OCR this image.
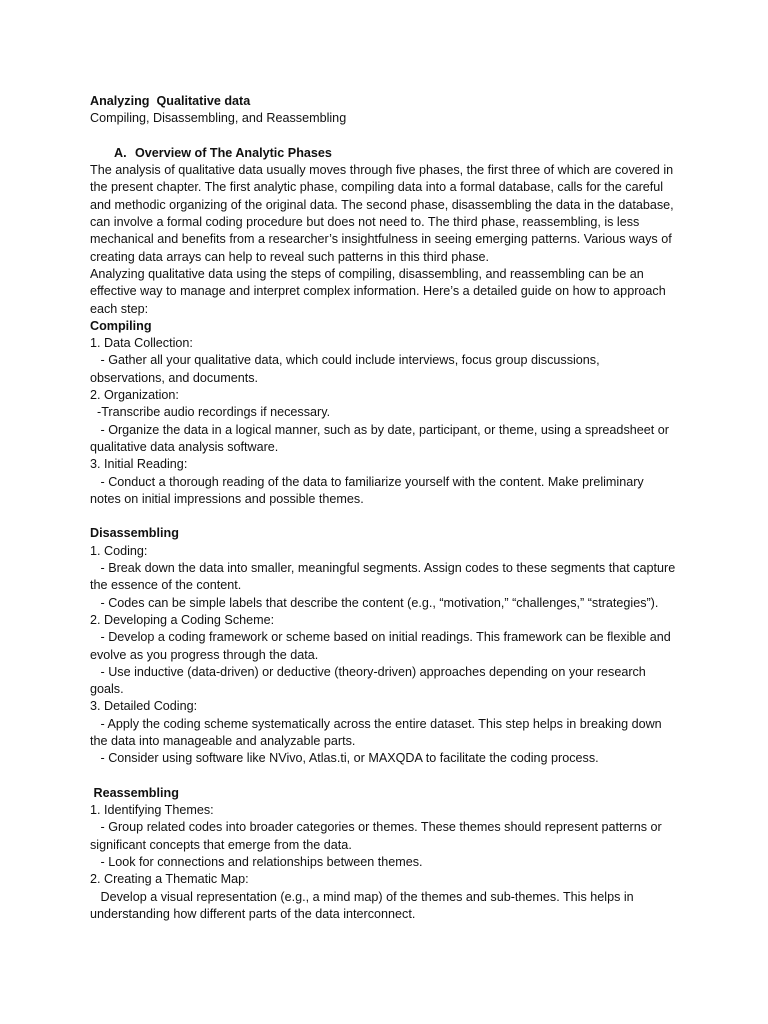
Analyzing  Qualitative data
Compiling, Disassembling, and Reassembling
A. Overview of The Analytic Phases
The analysis of qualitative data usually moves through five phases, the first three of which are covered in
the present chapter. The first analytic phase, compiling data into a formal database, calls for the careful
and methodic organizing of the original data. The second phase, disassembling the data in the database,
can involve a formal coding procedure but does not need to. The third phase, reassembling, is less
mechanical and benefits from a researcher’s insightfulness in seeing emerging patterns. Various ways of
creating data arrays can help to reveal such patterns in this third phase.
Analyzing qualitative data using the steps of compiling, disassembling, and reassembling can be an
effective way to manage and interpret complex information. Here’s a detailed guide on how to approach
each step:
Compiling
1. Data Collection:
- Gather all your qualitative data, which could include interviews, focus group discussions,
observations, and documents.
2. Organization:
-Transcribe audio recordings if necessary.
- Organize the data in a logical manner, such as by date, participant, or theme, using a spreadsheet or
qualitative data analysis software.
3. Initial Reading:
- Conduct a thorough reading of the data to familiarize yourself with the content. Make preliminary
notes on initial impressions and possible themes.
Disassembling
1. Coding:
- Break down the data into smaller, meaningful segments. Assign codes to these segments that capture
the essence of the content.
- Codes can be simple labels that describe the content (e.g., “motivation,” “challenges,” “strategies”).
2. Developing a Coding Scheme:
- Develop a coding framework or scheme based on initial readings. This framework can be flexible and
evolve as you progress through the data.
- Use inductive (data-driven) or deductive (theory-driven) approaches depending on your research
goals.
3. Detailed Coding:
- Apply the coding scheme systematically across the entire dataset. This step helps in breaking down
the data into manageable and analyzable parts.
- Consider using software like NVivo, Atlas.ti, or MAXQDA to facilitate the coding process.
Reassembling
1. Identifying Themes:
- Group related codes into broader categories or themes. These themes should represent patterns or
significant concepts that emerge from the data.
- Look for connections and relationships between themes.
2. Creating a Thematic Map:
Develop a visual representation (e.g., a mind map) of the themes and sub-themes. This helps in
understanding how different parts of the data interconnect.
